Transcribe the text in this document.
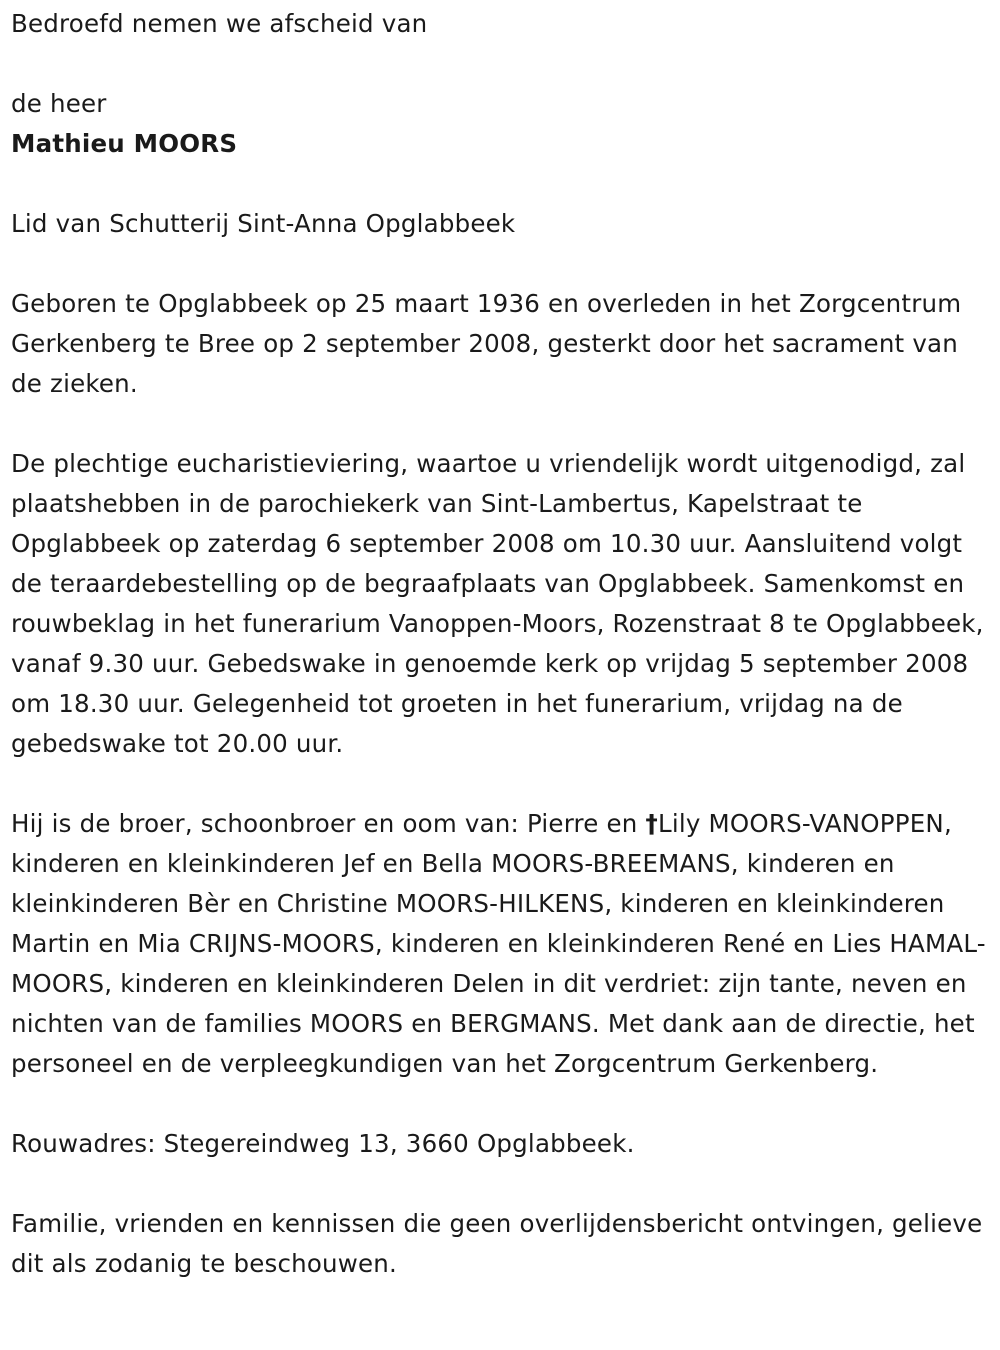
Bedroefd nemen we afscheid van

de heer

Mathieu MOORS

Lid van Schutterij Sint-Anna Opglabbeek

Geboren te Opglabbeek op 25 maart 1936 en overleden in het Zorgcentrum Gerkenberg te Bree op 2 september 2008, gesterkt door het sacrament van de zieken.

De plechtige eucharistieviering, waartoe u vriendelijk wordt uitgenodigd, zal plaatshebben in de parochiekerk van Sint-Lambertus, Kapelstraat te Opglabbeek op zaterdag 6 september 2008 om 10.30 uur. Aansluitend volgt de teraardebestelling op de begraafplaats van Opglabbeek. Samenkomst en rouwbeklag in het funerarium Vanoppen-Moors, Rozenstraat 8 te Opglabbeek, vanaf 9.30 uur. Gebedswake in genoemde kerk op vrijdag 5 september 2008 om 18.30 uur. Gelegenheid tot groeten in het funerarium, vrijdag na de gebedswake tot 20.00 uur.

Hij is de broer, schoonbroer en oom van: Pierre en †Lily MOORS-VANOPPEN, kinderen en kleinkinderen Jef en Bella MOORS-BREEMANS, kinderen en kleinkinderen Bèr en Christine MOORS-HILKENS, kinderen en kleinkinderen Martin en Mia CRIJNS-MOORS, kinderen en kleinkinderen René en Lies HAMAL-MOORS, kinderen en kleinkinderen Delen in dit verdriet: zijn tante, neven en nichten van de families MOORS en BERGMANS. Met dank aan de directie, het personeel en de verpleegkundigen van het Zorgcentrum Gerkenberg.

Rouwadres: Stegereindweg 13, 3660 Opglabbeek.

Familie, vrienden en kennissen die geen overlijdensbericht ontvingen, gelieve dit als zodanig te beschouwen.
